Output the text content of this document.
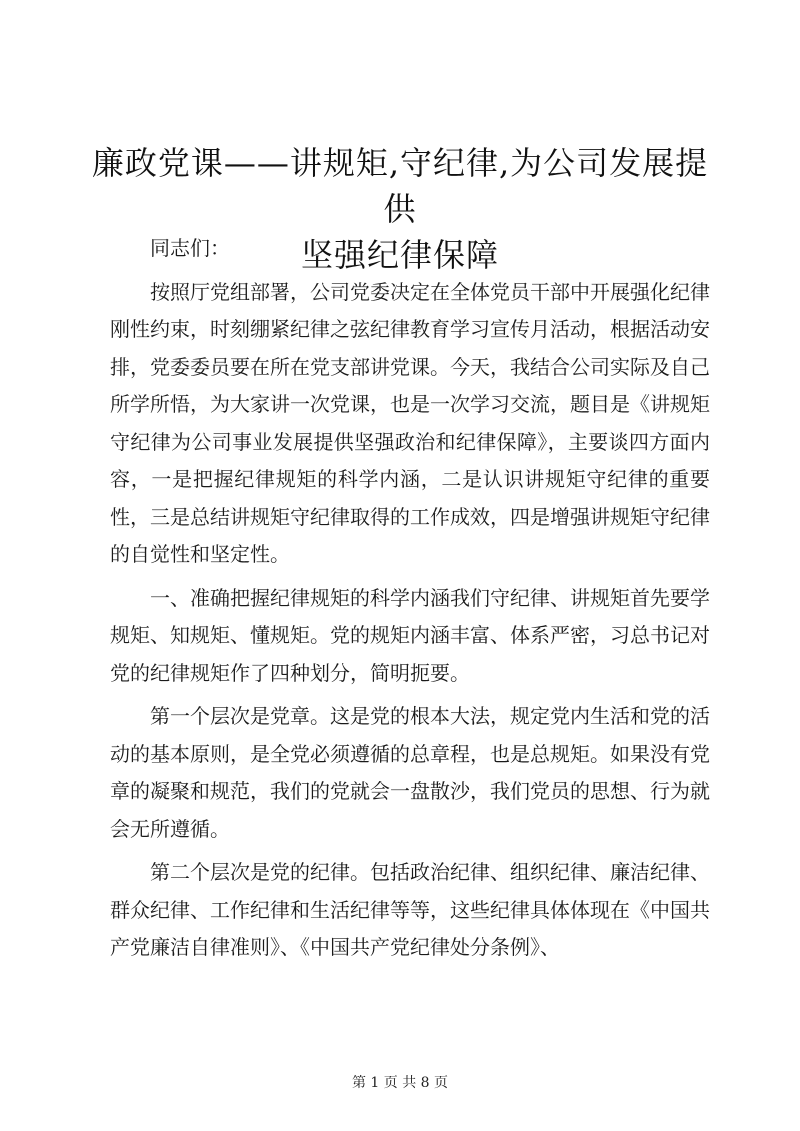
廉政党课——讲规矩,守纪律,为公司发展提供
坚强纪律保障

同志们：

按照厅党组部署，公司党委决定在全体党员干部中开展强化纪律刚性约束，时刻绷紧纪律之弦纪律教育学习宣传月活动，根据活动安排，党委委员要在所在党支部讲党课。今天，我结合公司实际及自己所学所悟，为大家讲一次党课，也是一次学习交流，题目是《讲规矩守纪律为公司事业发展提供坚强政治和纪律保障》，主要谈四方面内容，一是把握纪律规矩的科学内涵，二是认识讲规矩守纪律的重要性，三是总结讲规矩守纪律取得的工作成效，四是增强讲规矩守纪律的自觉性和坚定性。

一、准确把握纪律规矩的科学内涵我们守纪律、讲规矩首先要学规矩、知规矩、懂规矩。党的规矩内涵丰富、体系严密，习总书记对党的纪律规矩作了四种划分，简明扼要。

第一个层次是党章。这是党的根本大法，规定党内生活和党的活动的基本原则，是全党必须遵循的总章程，也是总规矩。如果没有党章的凝聚和规范，我们的党就会一盘散沙，我们党员的思想、行为就会无所遵循。

第二个层次是党的纪律。包括政治纪律、组织纪律、廉洁纪律、群众纪律、工作纪律和生活纪律等等，这些纪律具体体现在《中国共产党廉洁自律准则》、《中国共产党纪律处分条例》、

第 1 页 共 8 页
